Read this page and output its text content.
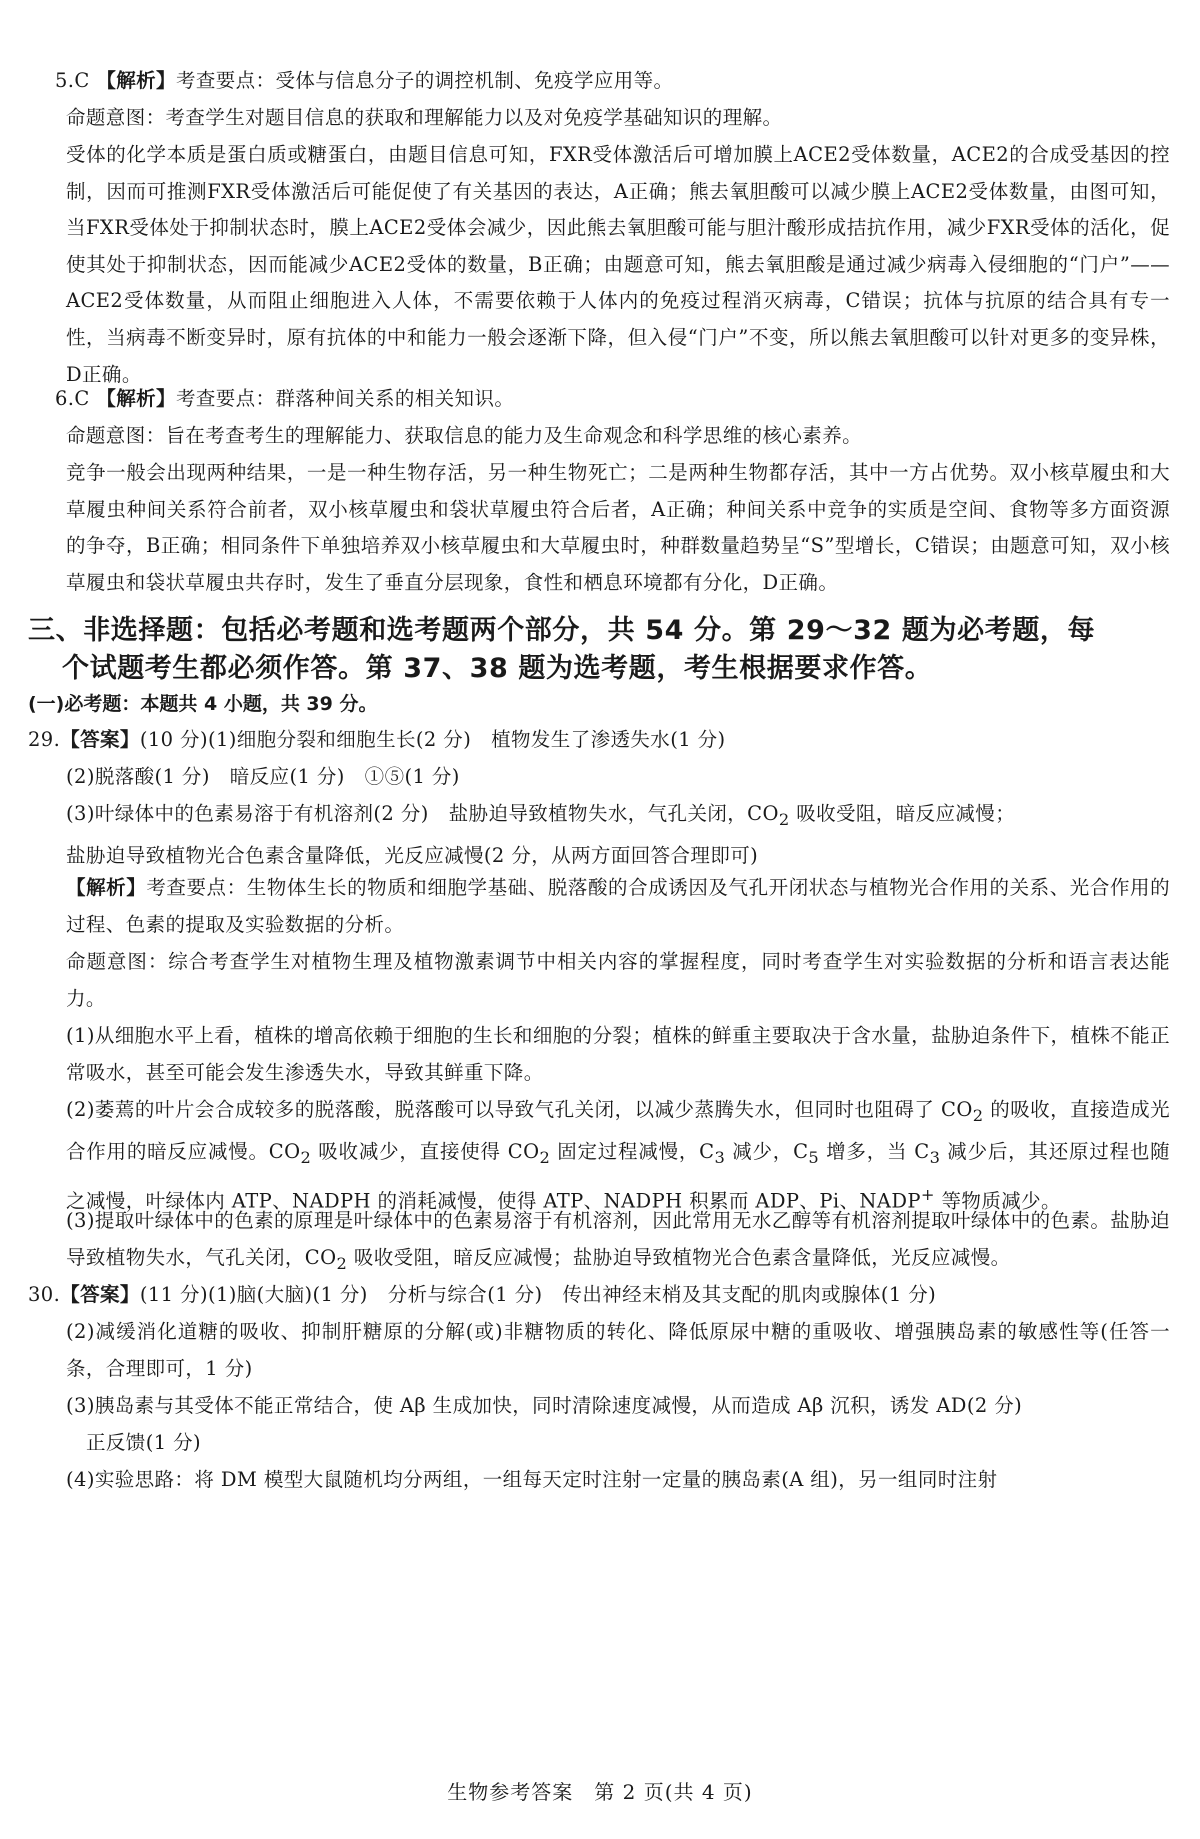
5.C 【解析】考查要点：受体与信息分子的调控机制、免疫学应用等。
命题意图：考查学生对题目信息的获取和理解能力以及对免疫学基础知识的理解。
受体的化学本质是蛋白质或糖蛋白，由题目信息可知，FXR受体激活后可增加膜上ACE2受体数量，ACE2的合成受基因的控制，因而可推测FXR受体激活后可能促使了有关基因的表达，A正确；熊去氧胆酸可以减少膜上ACE2受体数量，由图可知，当FXR受体处于抑制状态时，膜上ACE2受体会减少，因此熊去氧胆酸可能与胆汁酸形成拮抗作用，减少FXR受体的活化，促使其处于抑制状态，因而能减少ACE2受体的数量，B正确；由题意可知，熊去氧胆酸是通过减少病毒入侵细胞的“门户”——ACE2受体数量，从而阻止细胞进入人体，不需要依赖于人体内的免疫过程消灭病毒，C错误；抗体与抗原的结合具有专一性，当病毒不断变异时，原有抗体的中和能力一般会逐渐下降，但入侵“门户”不变，所以熊去氧胆酸可以针对更多的变异株，D正确。
6.C 【解析】考查要点：群落种间关系的相关知识。
命题意图：旨在考查考生的理解能力、获取信息的能力及生命观念和科学思维的核心素养。
竞争一般会出现两种结果，一是一种生物存活，另一种生物死亡；二是两种生物都存活，其中一方占优势。双小核草履虫和大草履虫种间关系符合前者，双小核草履虫和袋状草履虫符合后者，A正确；种间关系中竞争的实质是空间、食物等多方面资源的争夺，B正确；相同条件下单独培养双小核草履虫和大草履虫时，种群数量趋势呈“S”型增长，C错误；由题意可知，双小核草履虫和袋状草履虫共存时，发生了垂直分层现象，食性和栖息环境都有分化，D正确。
三、非选择题：包括必考题和选考题两个部分，共 54 分。第 29～32 题为必考题，每
个试题考生都必须作答。第 37、38 题为选考题，考生根据要求作答。
(一)必考题：本题共 4 小题，共 39 分。
29.【答案】(10 分)(1)细胞分裂和细胞生长(2 分)　植物发生了渗透失水(1 分)
(2)脱落酸(1 分)　暗反应(1 分)　①⑤(1 分)
(3)叶绿体中的色素易溶于有机溶剂(2 分)　盐胁迫导致植物失水，气孔关闭，$CO_2$ 吸收受阻，暗反应减慢；
盐胁迫导致植物光合色素含量降低，光反应减慢(2 分，从两方面回答合理即可)
【解析】考查要点：生物体生长的物质和细胞学基础、脱落酸的合成诱因及气孔开闭状态与植物光合作用的关系、光合作用的过程、色素的提取及实验数据的分析。
命题意图：综合考查学生对植物生理及植物激素调节中相关内容的掌握程度，同时考查学生对实验数据的分析和语言表达能力。
(1)从细胞水平上看，植株的增高依赖于细胞的生长和细胞的分裂；植株的鲜重主要取决于含水量，盐胁迫条件下，植株不能正常吸水，甚至可能会发生渗透失水，导致其鲜重下降。
(2)萎蔫的叶片会合成较多的脱落酸，脱落酸可以导致气孔关闭，以减少蒸腾失水，但同时也阻碍了 $CO_2$ 的吸收，直接造成光合作用的暗反应减慢。$CO_2$ 吸收减少，直接使得 $CO_2$ 固定过程减慢，$C_3$ 减少，$C_5$ 增多，当 $C_3$ 减少后，其还原过程也随之减慢，叶绿体内 ATP、NADPH 的消耗减慢，使得 ATP、NADPH 积累而 ADP、Pi、NADP+ 等物质减少。
(3)提取叶绿体中的色素的原理是叶绿体中的色素易溶于有机溶剂，因此常用无水乙醇等有机溶剂提取叶绿体中的色素。盐胁迫导致植物失水，气孔关闭，$CO_2$ 吸收受阻，暗反应减慢；盐胁迫导致植物光合色素含量降低，光反应减慢。
30.【答案】(11 分)(1)脑(大脑)(1 分)　分析与综合(1 分)　传出神经末梢及其支配的肌肉或腺体(1 分)
(2)减缓消化道糖的吸收、抑制肝糖原的分解(或)非糖物质的转化、降低原尿中糖的重吸收、增强胰岛素的敏感性等(任答一条，合理即可，1 分)
(3)胰岛素与其受体不能正常结合，使 Aβ 生成加快，同时清除速度减慢，从而造成 Aβ 沉积，诱发 AD(2 分)
正反馈(1 分)
(4)实验思路：将 DM 模型大鼠随机均分两组，一组每天定时注射一定量的胰岛素(A 组)，另一组同时注射
生物参考答案　第 2 页(共 4 页)
